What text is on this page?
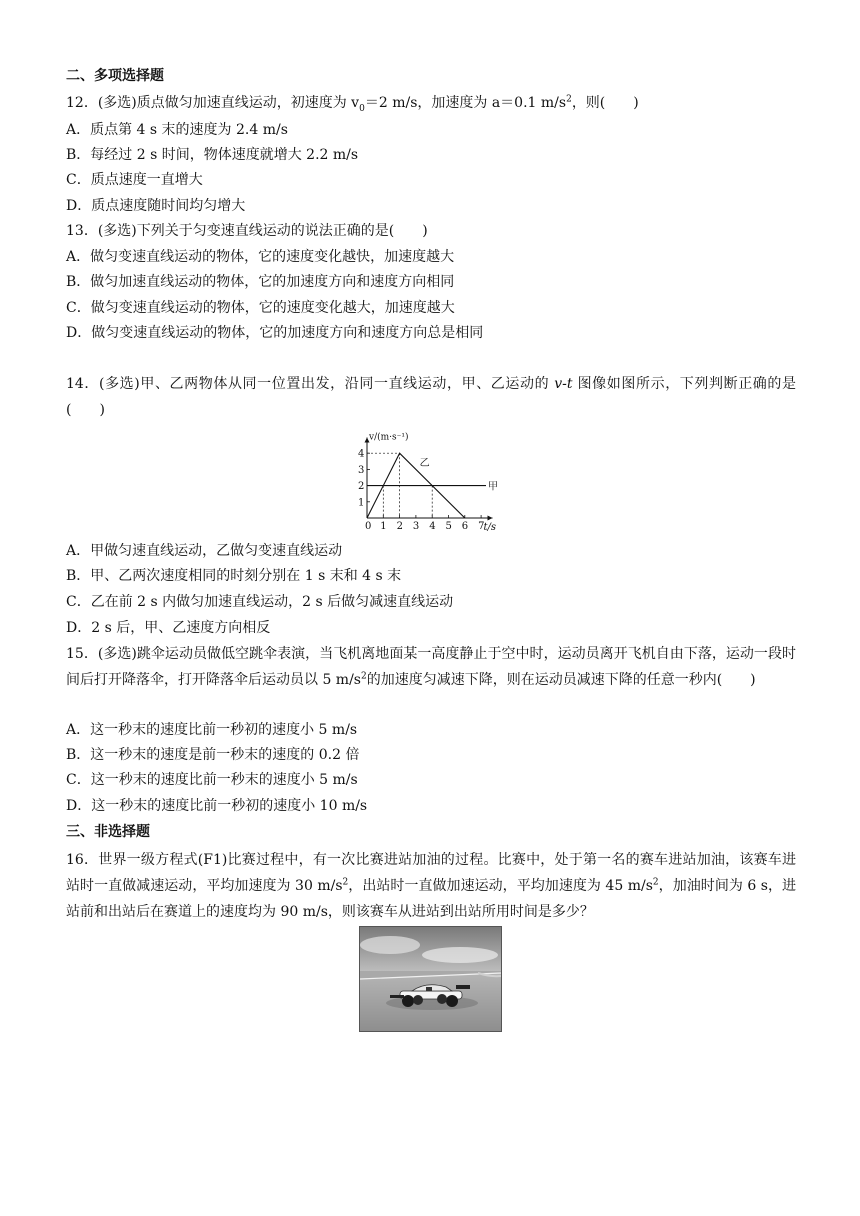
二、多项选择题
12．(多选)质点做匀加速直线运动，初速度为 $v_0=2$ m/s，加速度为 a＝0.1 $m/s^2$，则(　　)
A．质点第 4 s 末的速度为 2.4 m/s
B．每经过 2 s 时间，物体速度就增大 2.2 m/s
C．质点速度一直增大
D．质点速度随时间均匀增大
13．(多选)下列关于匀变速直线运动的说法正确的是(　　)
A．做匀变速直线运动的物体，它的速度变化越快，加速度越大
B．做匀加速直线运动的物体，它的加速度方向和速度方向相同
C．做匀变速直线运动的物体，它的速度变化越大，加速度越大
D．做匀变速直线运动的物体，它的加速度方向和速度方向总是相同
14．(多选)甲、乙两物体从同一位置出发，沿同一直线运动，甲、乙运动的 v-t 图像如图所示，下列判断正确的是(　　)
0 1 2 3 4 5 6 7
1
2
3
4
v/(m·s⁻¹)
t/s
甲
乙
A．甲做匀速直线运动，乙做匀变速直线运动
B．甲、乙两次速度相同的时刻分别在 1 s 末和 4 s 末
C．乙在前 2 s 内做匀加速直线运动，2 s 后做匀减速直线运动
D．2 s 后，甲、乙速度方向相反
15．(多选)跳伞运动员做低空跳伞表演，当飞机离地面某一高度静止于空中时，运动员离开飞机自由下落，运动一段时间后打开降落伞，打开降落伞后运动员以 5 $m/s^2$的加速度匀减速下降，则在运动员减速下降的任意一秒内(　　)
A．这一秒末的速度比前一秒初的速度小 5 m/s
B．这一秒末的速度是前一秒末的速度的 0.2 倍
C．这一秒末的速度比前一秒末的速度小 5 m/s
D．这一秒末的速度比前一秒初的速度小 10 m/s
三、非选择题
16．世界一级方程式(F1)比赛过程中，有一次比赛进站加油的过程。比赛中，处于第一名的赛车进站加油，该赛车进站时一直做减速运动，平均加速度为 30 $m/s^2$，出站时一直做加速运动，平均加速度为 45 $m/s^2$，加油时间为 6 s，进站前和出站后在赛道上的速度均为 90 m/s，则该赛车从进站到出站所用时间是多少？
